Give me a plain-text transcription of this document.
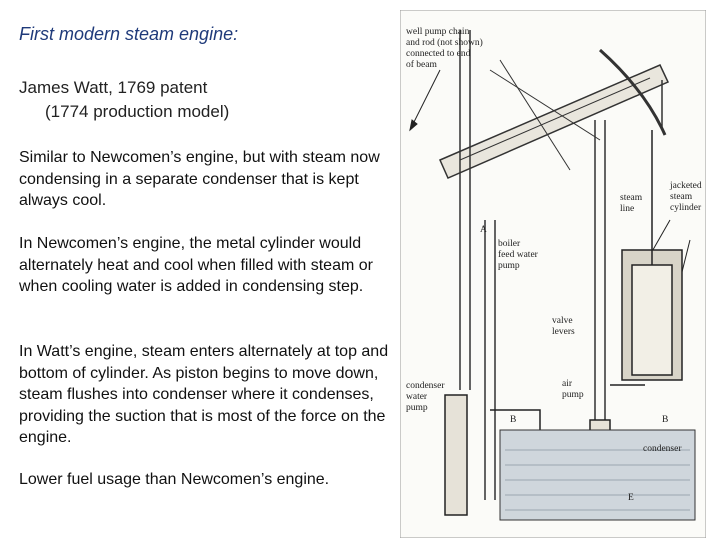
First modern steam engine:
James Watt, 1769 patent
(1774 production model)
Similar to Newcomen’s engine, but with steam now condensing in a separate condenser that is kept always cool.
In Newcomen’s engine, the metal cylinder would alternately heat and cool when filled with steam or when cooling water is added in condensing step.
In Watt’s engine, steam enters alternately at top and bottom of cylinder. As piston begins to move down, steam flushes into condenser where it condenses, providing the suction that is most of the force on the engine.
Lower fuel usage than Newcomen’s engine.
well pump chain
and rod (not shown)
connected to end
of beam
jacketed
steam
cylinder
steam
line
boiler
feed water
pump
valve
levers
air
pump
condenser
water
pump
condenser
A
B	B
E
